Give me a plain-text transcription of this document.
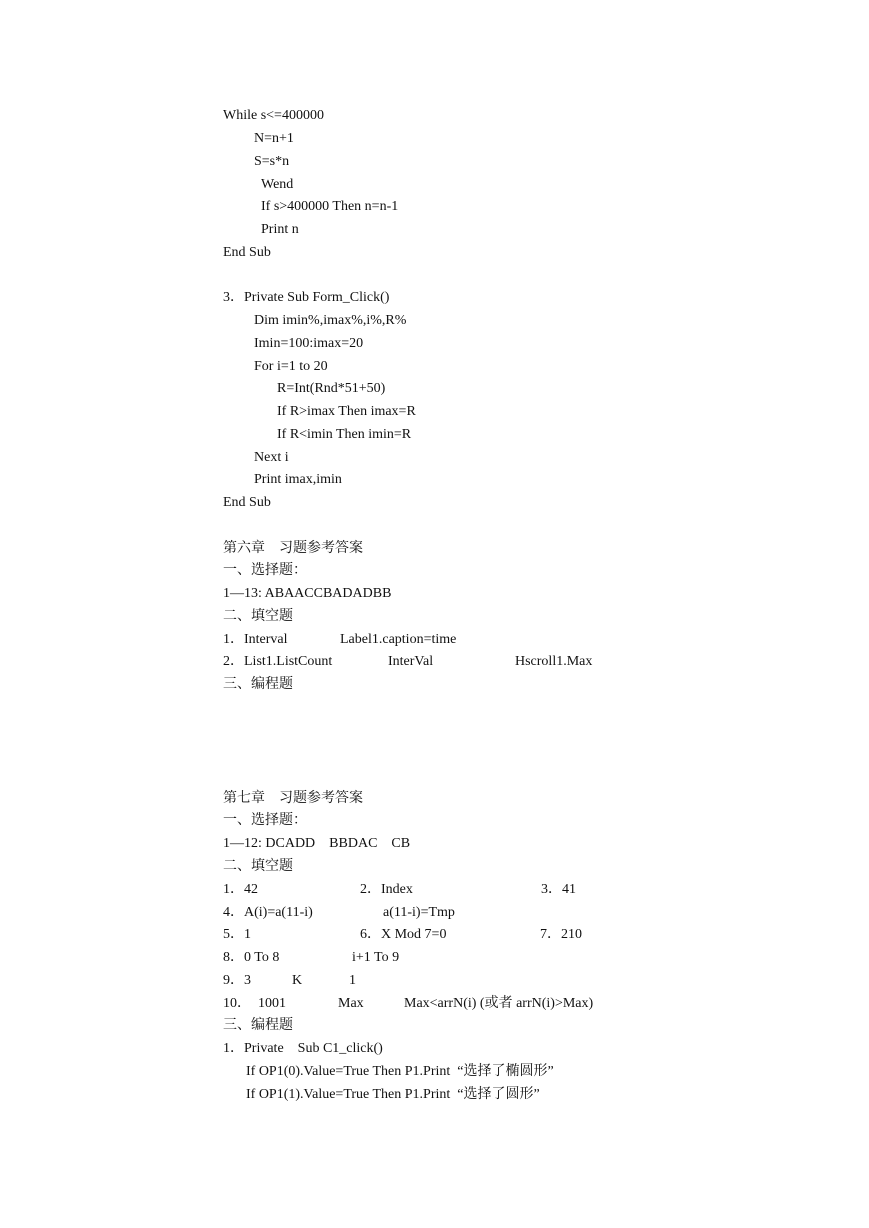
While s<=400000
N=n+1
S=s*n
Wend
If s>400000 Then n=n-1
Print n
End Sub
3．Private Sub Form_Click()
Dim imin%,imax%,i%,R%
Imin=100:imax=20
For i=1 to 20
R=Int(Rnd*51+50)
If R>imax Then imax=R
If R<imin Then imin=R
Next i
Print imax,imin
End Sub
第六章    习题参考答案
一、选择题：
1—13: ABAACCBADADBB
二、填空题
1．Interval	Label1.caption=time
2．List1.ListCount	InterVal	Hscroll1.Max
三、编程题
第七章    习题参考答案
一、选择题：
1—12: DCADD    BBDAC    CB
二、填空题
1．42	2．Index	3．41
4．A(i)=a(11-i)	a(11-i)=Tmp
5．1	6．X Mod 7=0	7．210
8．0 To 8	i+1 To 9
9．3	K	1
10．  1001	Max	Max<arrN(i) (或者 arrN(i)>Max)
三、编程题
1．Private    Sub C1_click()
If OP1(0).Value=True Then P1.Print  “选择了椭圆形”
If OP1(1).Value=True Then P1.Print  “选择了圆形”
